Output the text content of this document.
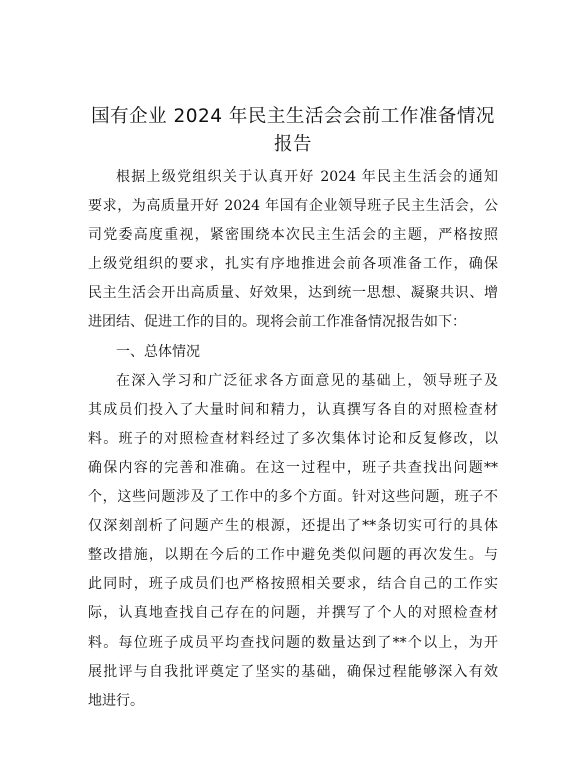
国有企业 2024 年民主生活会会前工作准备情况
报告
根据上级党组织关于认真开好 2024 年民主生活会的通知
要求，为高质量开好 2024 年国有企业领导班子民主生活会，公
司党委高度重视，紧密围绕本次民主生活会的主题，严格按照
上级党组织的要求，扎实有序地推进会前各项准备工作，确保
民主生活会开出高质量、好效果，达到统一思想、凝聚共识、增
进团结、促进工作的目的。现将会前工作准备情况报告如下：
一、总体情况
在深入学习和广泛征求各方面意见的基础上，领导班子及
其成员们投入了大量时间和精力，认真撰写各自的对照检查材
料。班子的对照检查材料经过了多次集体讨论和反复修改，以
确保内容的完善和准确。在这一过程中，班子共查找出问题**
个，这些问题涉及了工作中的多个方面。针对这些问题，班子不
仅深刻剖析了问题产生的根源，还提出了**条切实可行的具体
整改措施，以期在今后的工作中避免类似问题的再次发生。与
此同时，班子成员们也严格按照相关要求，结合自己的工作实
际，认真地查找自己存在的问题，并撰写了个人的对照检查材
料。每位班子成员平均查找问题的数量达到了**个以上，为开
展批评与自我批评奠定了坚实的基础，确保过程能够深入有效
地进行。
